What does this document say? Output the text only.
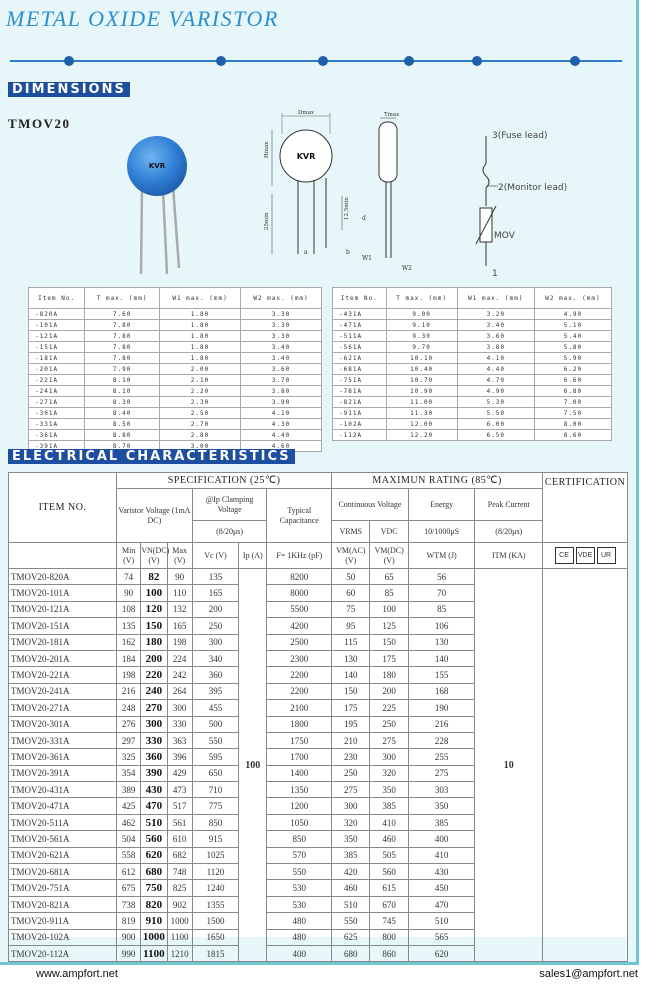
METAL OXIDE VARISTOR
DIMENSIONS
TMOV20
KVR
Dmax
KVR
Hmax
25min
12.5min
a	b
Tmax
d
W1
W2
3(Fuse lead)
2(Monitor lead)
MOV
1
Item No.	T max. (mm)	W1 max. (mm)	W2 max. (mm)
-820A	7.60	1.80	3.30
-101A	7.80	1.80	3.30
-121A	7.80	1.80	3.30
-151A	7.80	1.80	3.40
-181A	7.80	1.80	3.40
-201A	7.90	2.00	3.60
-221A	8.10	2.10	3.70
-241A	8.10	2.20	3.80
-271A	8.30	2.30	3.90
-301A	8.40	2.50	4.10
-331A	8.50	2.70	4.30
-361A	8.80	2.80	4.40
-391A	8.70	3.00	4.60
Item No.	T max. (mm)	W1 max. (mm)	W2 max. (mm)
-431A	9.00	3.20	4.90
-471A	9.10	3.40	5.10
-511A	9.30	3.60	5.40
-561A	9.70	3.80	5.80
-621A	10.10	4.10	5.90
-681A	10.40	4.40	6.20
-751A	10.70	4.70	6.60
-781A	10.90	4.90	6.80
-821A	11.00	5.30	7.00
-911A	11.30	5.50	7.50
-102A	12.00	6.00	8.00
-112A	12.20	6.50	8.60
ELECTRICAL CHARACTERISTICS
ITEM NO.	SPECIFICATION (25℃)						MAXIMUN RATING (85℃)				CERTIFICATION
	Varistor Voltage (1mA DC)			@Ip Clamping Voltage		Typical Capacitance	Continuous Voltage		Energy	Peak Current	
				(8/20μs)			VRMS	VDC	10/1000μS	(8/20μs)	
	Min (V)	VN(DC) (V)	Max (V)	Vc (V)	Ip (A)	F= 1KHz (pF)	VM(AC) (V)	VM(DC) (V)	WTM (J)	ITM (KA)	CE VDE UR
TMOV20-820A	74	82	90	135	100	8200	50	65	56	10	
TMOV20-101A	90	100	110	165		8000	60	85	70		
TMOV20-121A	108	120	132	200		5500	75	100	85		
TMOV20-151A	135	150	165	250		4200	95	125	106		
TMOV20-181A	162	180	198	300		2500	115	150	130		
TMOV20-201A	184	200	224	340		2300	130	175	140		
TMOV20-221A	198	220	242	360		2200	140	180	155		
TMOV20-241A	216	240	264	395		2200	150	200	168		
TMOV20-271A	248	270	300	455		2100	175	225	190		
TMOV20-301A	276	300	330	500		1800	195	250	216		
TMOV20-331A	297	330	363	550		1750	210	275	228		
TMOV20-361A	325	360	396	595		1700	230	300	255		
TMOV20-391A	354	390	429	650		1400	250	320	275		
TMOV20-431A	389	430	473	710		1350	275	350	303		
TMOV20-471A	425	470	517	775		1200	300	385	350		
TMOV20-511A	462	510	561	850		1050	320	410	385		
TMOV20-561A	504	560	610	915		850	350	460	400		
TMOV20-621A	558	620	682	1025		570	385	505	410		
TMOV20-681A	612	680	748	1120		550	420	560	430		
TMOV20-751A	675	750	825	1240		530	460	615	450		
TMOV20-821A	738	820	902	1355		530	510	670	470		
TMOV20-911A	819	910	1000	1500		480	550	745	510		
TMOV20-102A	900	1000	1100	1650		480	625	800	565		
TMOV20-112A	990	1100	1210	1815		400	680	860	620		
www.ampfort.net	sales1@ampfort.net
